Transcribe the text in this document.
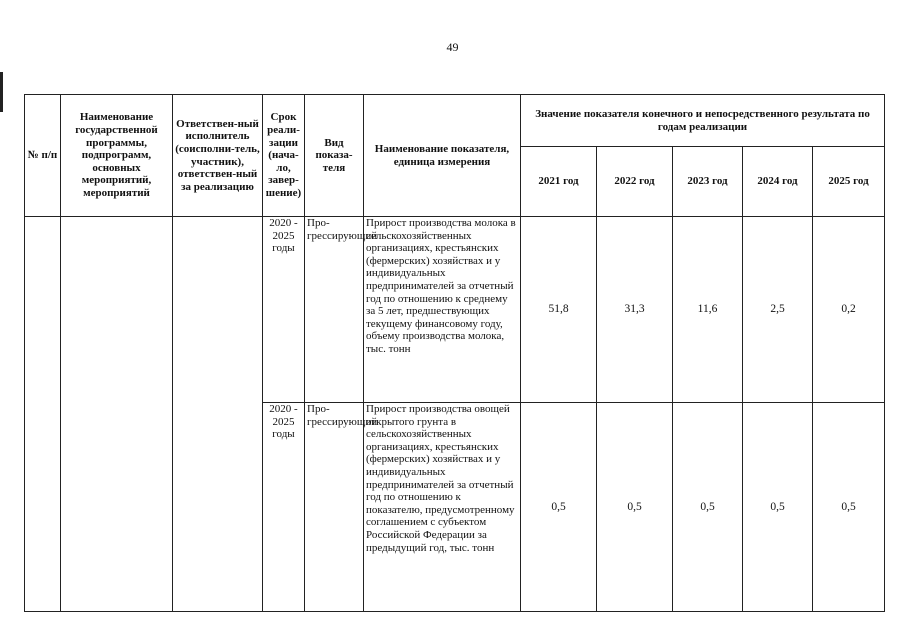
49
№ п/п	Наименование государственной программы, подпрограмм, основных мероприятий, мероприятий	Ответствен-ный исполнитель (соисполни-тель, участник), ответствен-ный за реализацию	Срок реали-зации (нача-ло, завер-шение)	Вид показа-теля	Наименование показателя, единица измерения	Значение показателя конечного и непосредственного результата по годам реализации				
						2021 год	2022 год	2023 год	2024 год	2025 год
			2020 - 2025 годы	Про- грессирующий	Прирост производства молока в сельскохозяйственных организациях, крестьянских (фермерских) хозяйствах и у индивидуальных предпринимателей за отчетный год по отношению к среднему за 5 лет, предшествующих текущему финансовому году, объему производства молока, тыс. тонн	51,8	31,3	11,6	2,5	0,2
			2020 - 2025 годы	Про- грессирующий	Прирост производства овощей открытого грунта в сельскохозяйственных организациях, крестьянских (фермерских) хозяйствах и у индивидуальных предпринимателей за отчетный год по отношению к показателю, предусмотренному соглашением с субъектом Российской Федерации за предыдущий год, тыс. тонн	0,5	0,5	0,5	0,5	0,5
